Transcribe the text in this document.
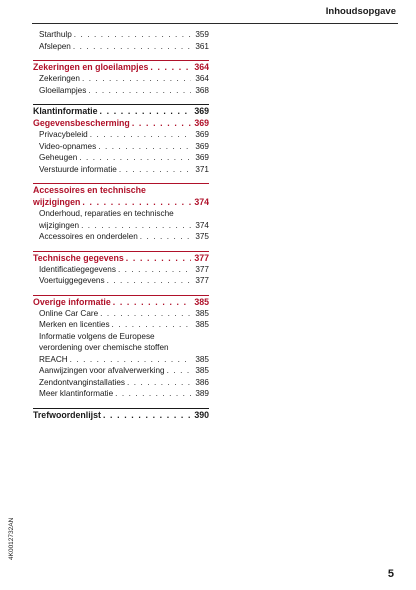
Inhoudsopgave
Starthulp . . .	359
Afslepen . . .	361
Zekeringen en gloeilampjes . . .	364
Zekeringen . . .	364
Gloeilampjes . . .	368
Klantinformatie . . .	369
Gegevensbescherming . . .	369
Privacybeleid . . .	369
Video-opnames . . .	369
Geheugen . . .	369
Verstuurde informatie . . .	371
Accessoires en technische
wijzigingen . . .	374
Onderhoud, reparaties en technische
wijzigingen . . .	374
Accessoires en onderdelen . . .	375
Technische gegevens . . .	377
Identificatiegegevens . . .	377
Voertuiggegevens . . .	377
Overige informatie . . .	385
Online Car Care . . .	385
Merken en licenties . . .	385
Informatie volgens de Europese
verordening over chemische stoffen
REACH . . .	385
Aanwijzingen voor afvalverwerking . . .	385
Zendontvanginstallaties . . .	386
Meer klantinformatie . . .	389
Trefwoordenlijst . . .	390
4K0012732AN
5
